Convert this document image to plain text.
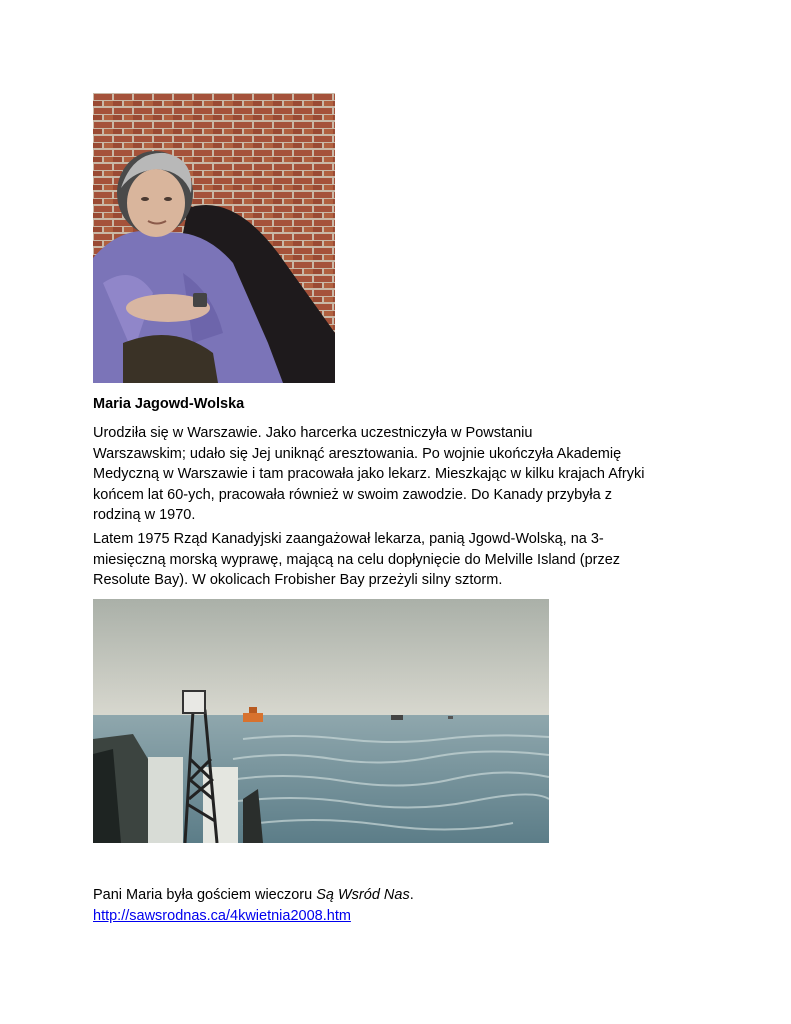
Maria Jagowd-Wolska
Urodziła się w Warszawie. Jako harcerka uczestniczyła w Powstaniu
Warszawskim; udało się Jej uniknąć aresztowania. Po wojnie ukończyła Akademię
Medyczną w Warszawie i tam pracowała jako lekarz. Mieszkając w kilku krajach Afryki
końcem lat 60-ych, pracowała również w swoim zawodzie. Do Kanady przybyła z
rodziną w 1970.
Latem 1975 Rząd Kanadyjski zaangażował lekarza, panią Jgowd-Wolską, na 3-
miesięczną morską wyprawę, mającą na celu dopłynięcie do Melville Island (przez
Resolute Bay). W okolicach Frobisher Bay przeżyli silny sztorm.
Pani Maria była gościem wieczoru Są Wsród Nas.
http://sawsrodnas.ca/4kwietnia2008.htm
